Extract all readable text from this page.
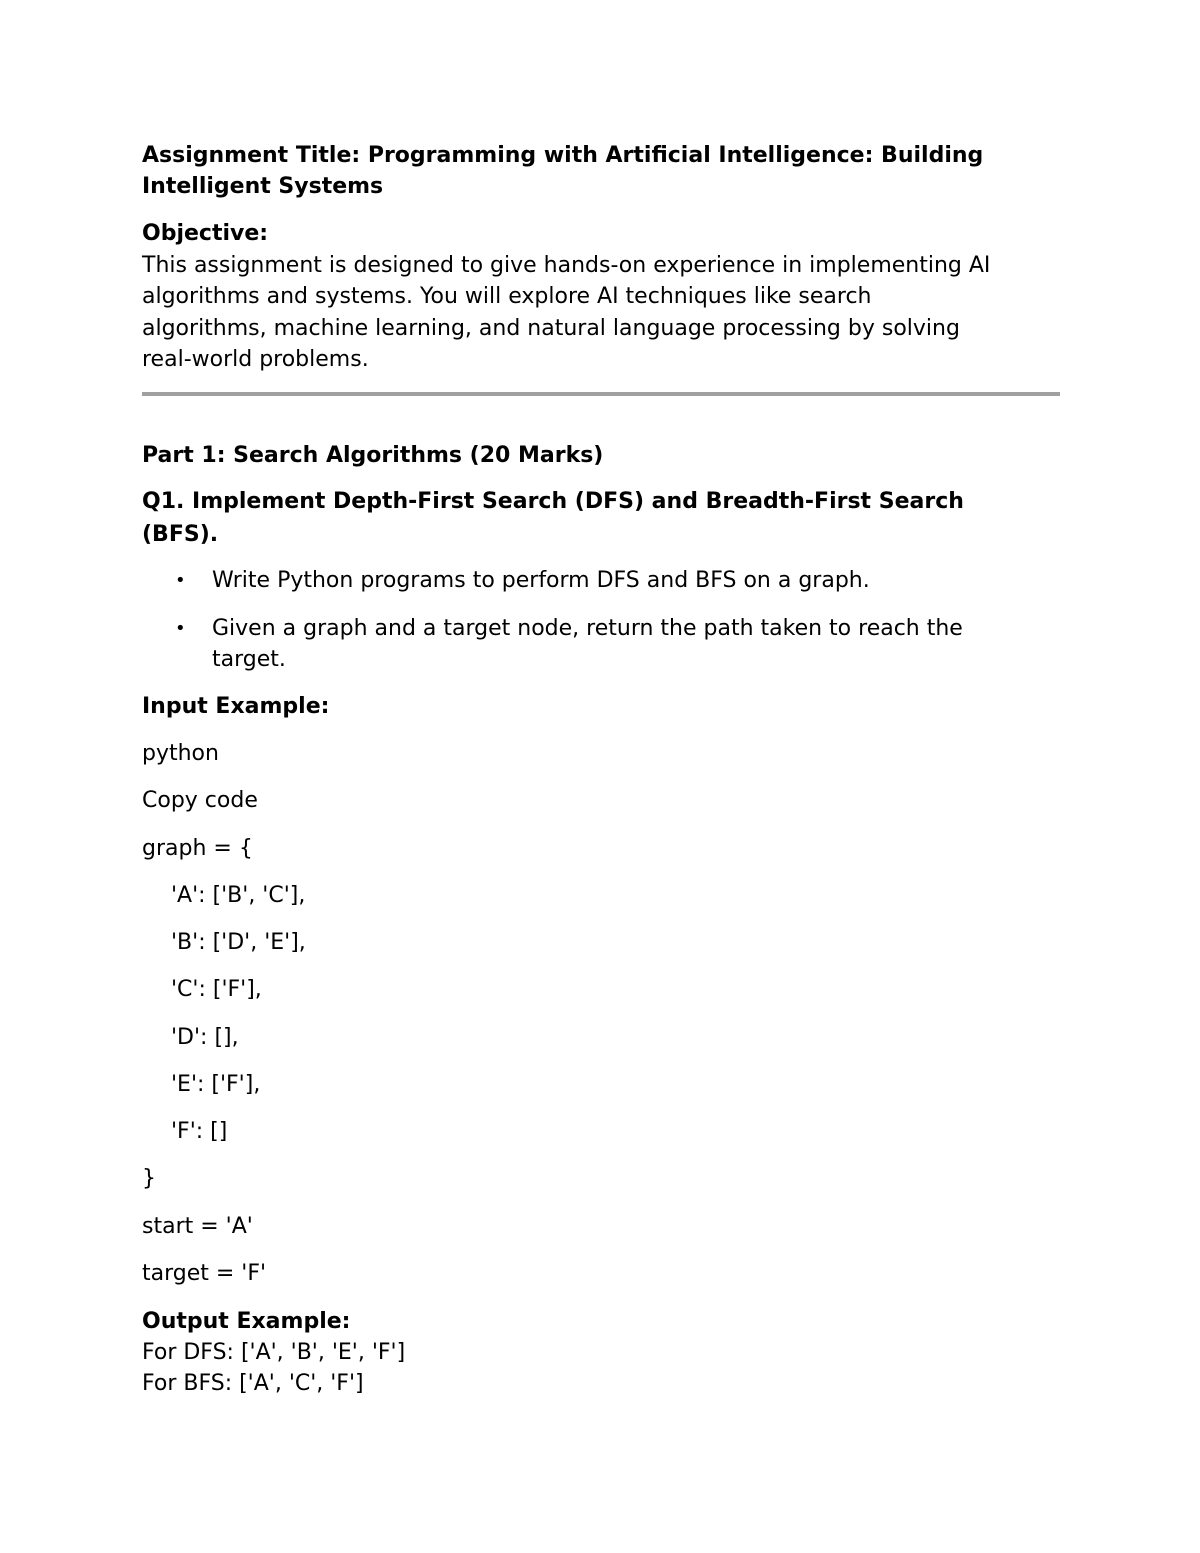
Assignment Title: Programming with Artificial Intelligence: Building
Intelligent Systems
Objective:
This assignment is designed to give hands-on experience in implementing AI
algorithms and systems. You will explore AI techniques like search
algorithms, machine learning, and natural language processing by solving
real-world problems.
Part 1: Search Algorithms (20 Marks)
Q1. Implement Depth-First Search (DFS) and Breadth-First Search
(BFS).
• Write Python programs to perform DFS and BFS on a graph.
• Given a graph and a target node, return the path taken to reach the
target.
Input Example:
python
Copy code
graph = {
'A': ['B', 'C'],
'B': ['D', 'E'],
'C': ['F'],
'D': [],
'E': ['F'],
'F': []
}
start = 'A'
target = 'F'
Output Example:
For DFS: ['A', 'B', 'E', 'F']
For BFS: ['A', 'C', 'F']
